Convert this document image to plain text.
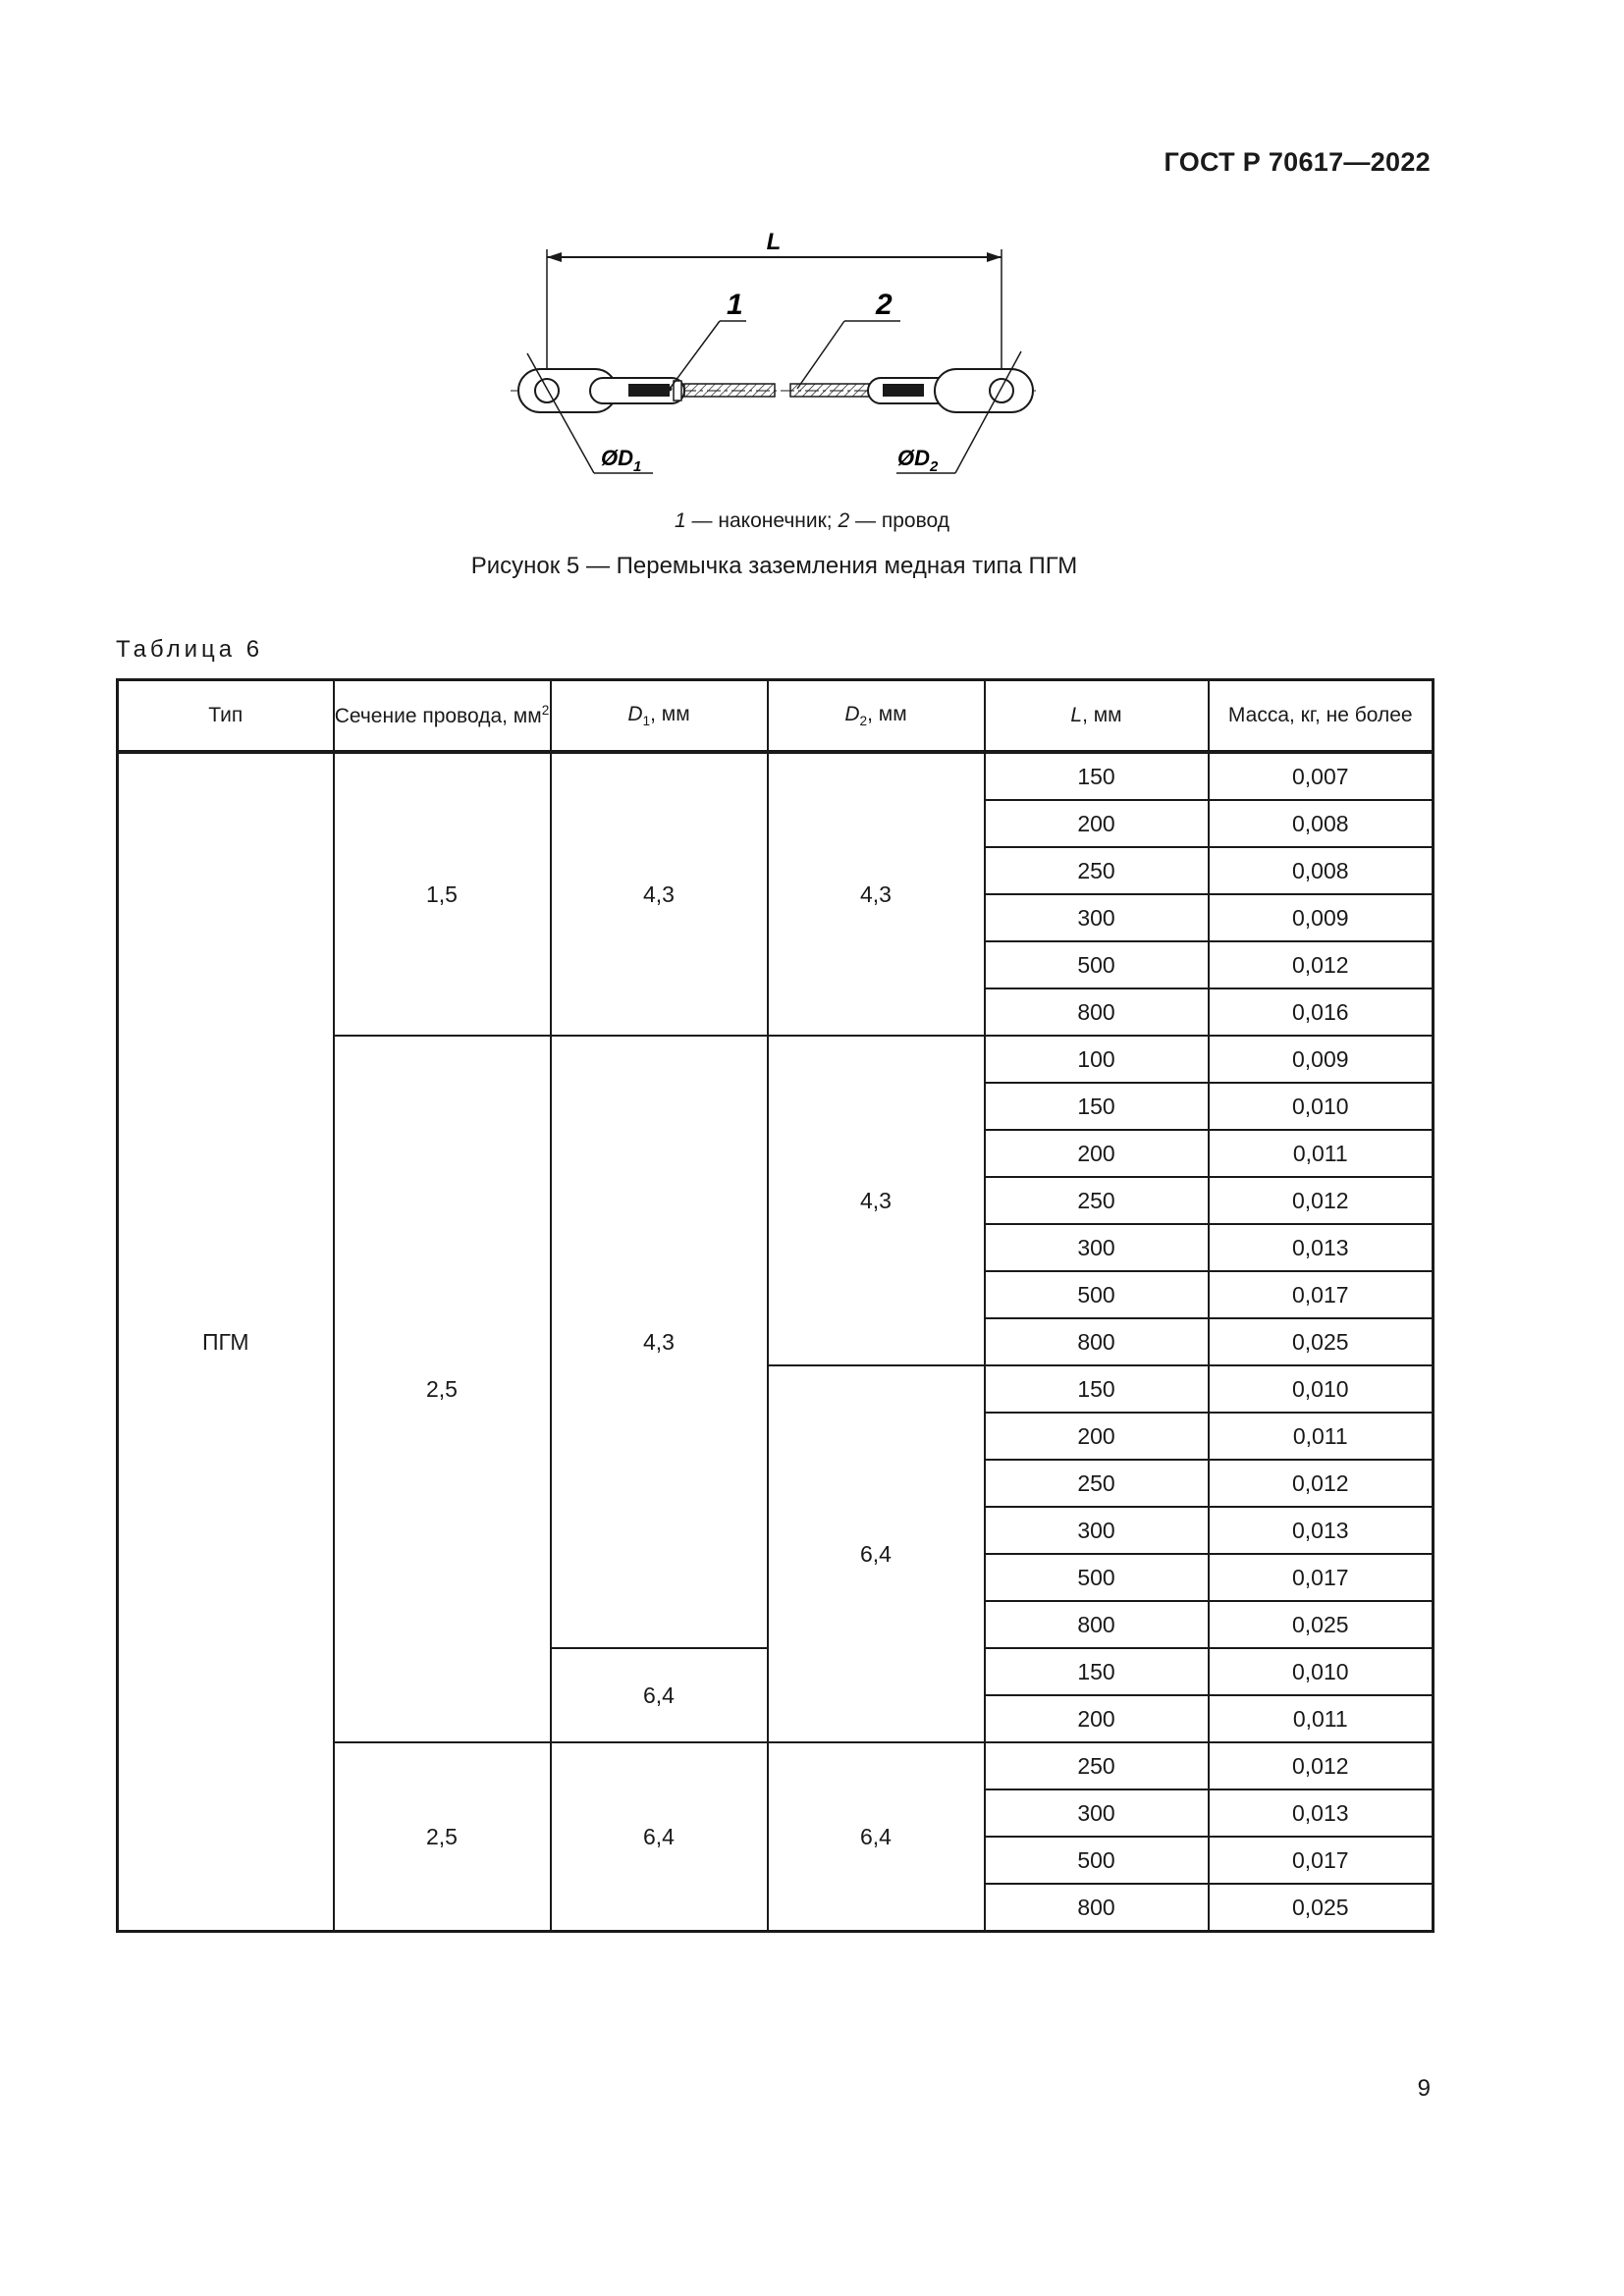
ГОСТ Р 70617—2022
L
1	2
$ØD_1$	$ØD_2$
1 — наконечник; 2 — провод
Рисунок 5 — Перемычка заземления медная типа ПГМ
Таблица 6
Тип	Сечение провода, $мм^2$	$D_1$, мм	$D_2$, мм	L, мм	Масса, кг, не более
ПГМ	1,5	4,3	4,3	150	0,007
				200	0,008
				250	0,008
				300	0,009
				500	0,012
				800	0,016
	2,5	4,3	4,3	100	0,009
				150	0,010
				200	0,011
				250	0,012
				300	0,013
				500	0,017
				800	0,025
			6,4	150	0,010
				200	0,011
				250	0,012
				300	0,013
				500	0,017
				800	0,025
		6,4		150	0,010
				200	0,011
	2,5	6,4	6,4	250	0,012
				300	0,013
				500	0,017
				800	0,025
9
